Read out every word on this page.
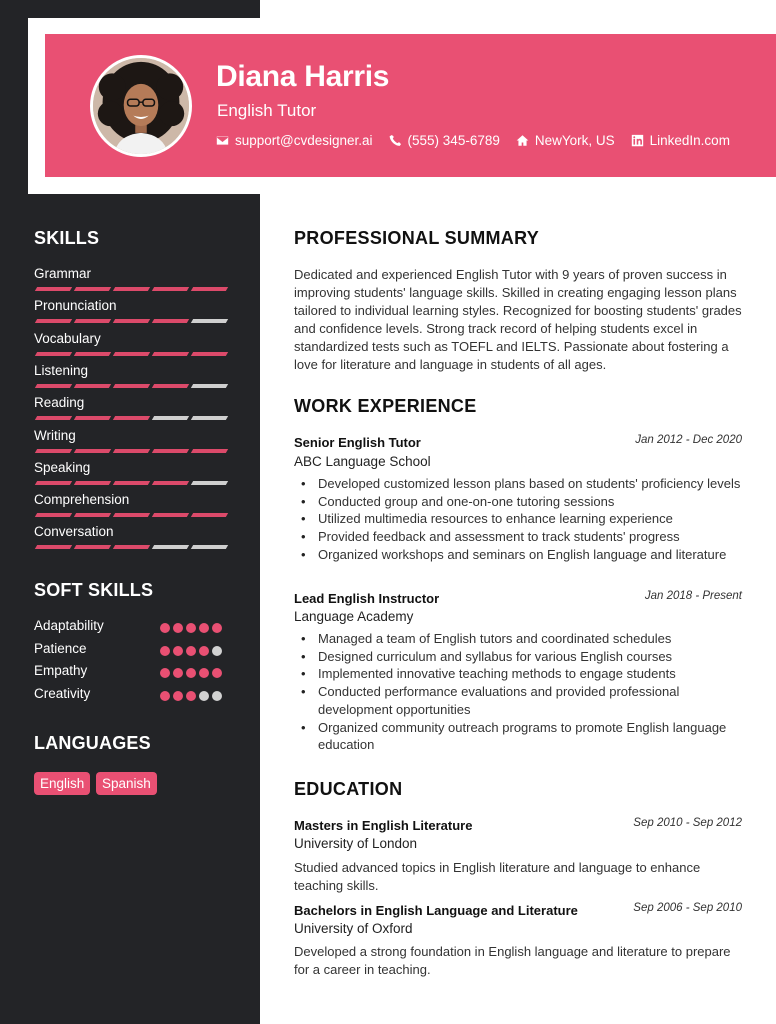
Diana Harris
English Tutor
support@cvdesigner.ai	(555) 345-6789	NewYork, US	LinkedIn.com
SKILLS
Grammar
Pronunciation
Vocabulary
Listening
Reading
Writing
Speaking
Comprehension
Conversation
SOFT SKILLS
Adaptability
Patience
Empathy
Creativity
LANGUAGES
English	Spanish
PROFESSIONAL SUMMARY
Dedicated and experienced English Tutor with 9 years of proven success in improving students' language skills. Skilled in creating engaging lesson plans tailored to individual learning styles. Recognized for boosting students' grades and confidence levels. Strong track record of helping students excel in standardized tests such as TOEFL and IELTS. Passionate about fostering a love for literature and language in students of all ages.
WORK EXPERIENCE
Senior English Tutor	Jan 2012 - Dec 2020
ABC Language School
• Developed customized lesson plans based on students' proficiency levels
• Conducted group and one-on-one tutoring sessions
• Utilized multimedia resources to enhance learning experience
• Provided feedback and assessment to track students' progress
• Organized workshops and seminars on English language and literature
Lead English Instructor	Jan 2018 - Present
Language Academy
• Managed a team of English tutors and coordinated schedules
• Designed curriculum and syllabus for various English courses
• Implemented innovative teaching methods to engage students
• Conducted performance evaluations and provided professional development opportunities
• Organized community outreach programs to promote English language education
EDUCATION
Masters in English Literature	Sep 2010 - Sep 2012
University of London
Studied advanced topics in English literature and language to enhance teaching skills.
Bachelors in English Language and Literature	Sep 2006 - Sep 2010
University of Oxford
Developed a strong foundation in English language and literature to prepare for a career in teaching.
